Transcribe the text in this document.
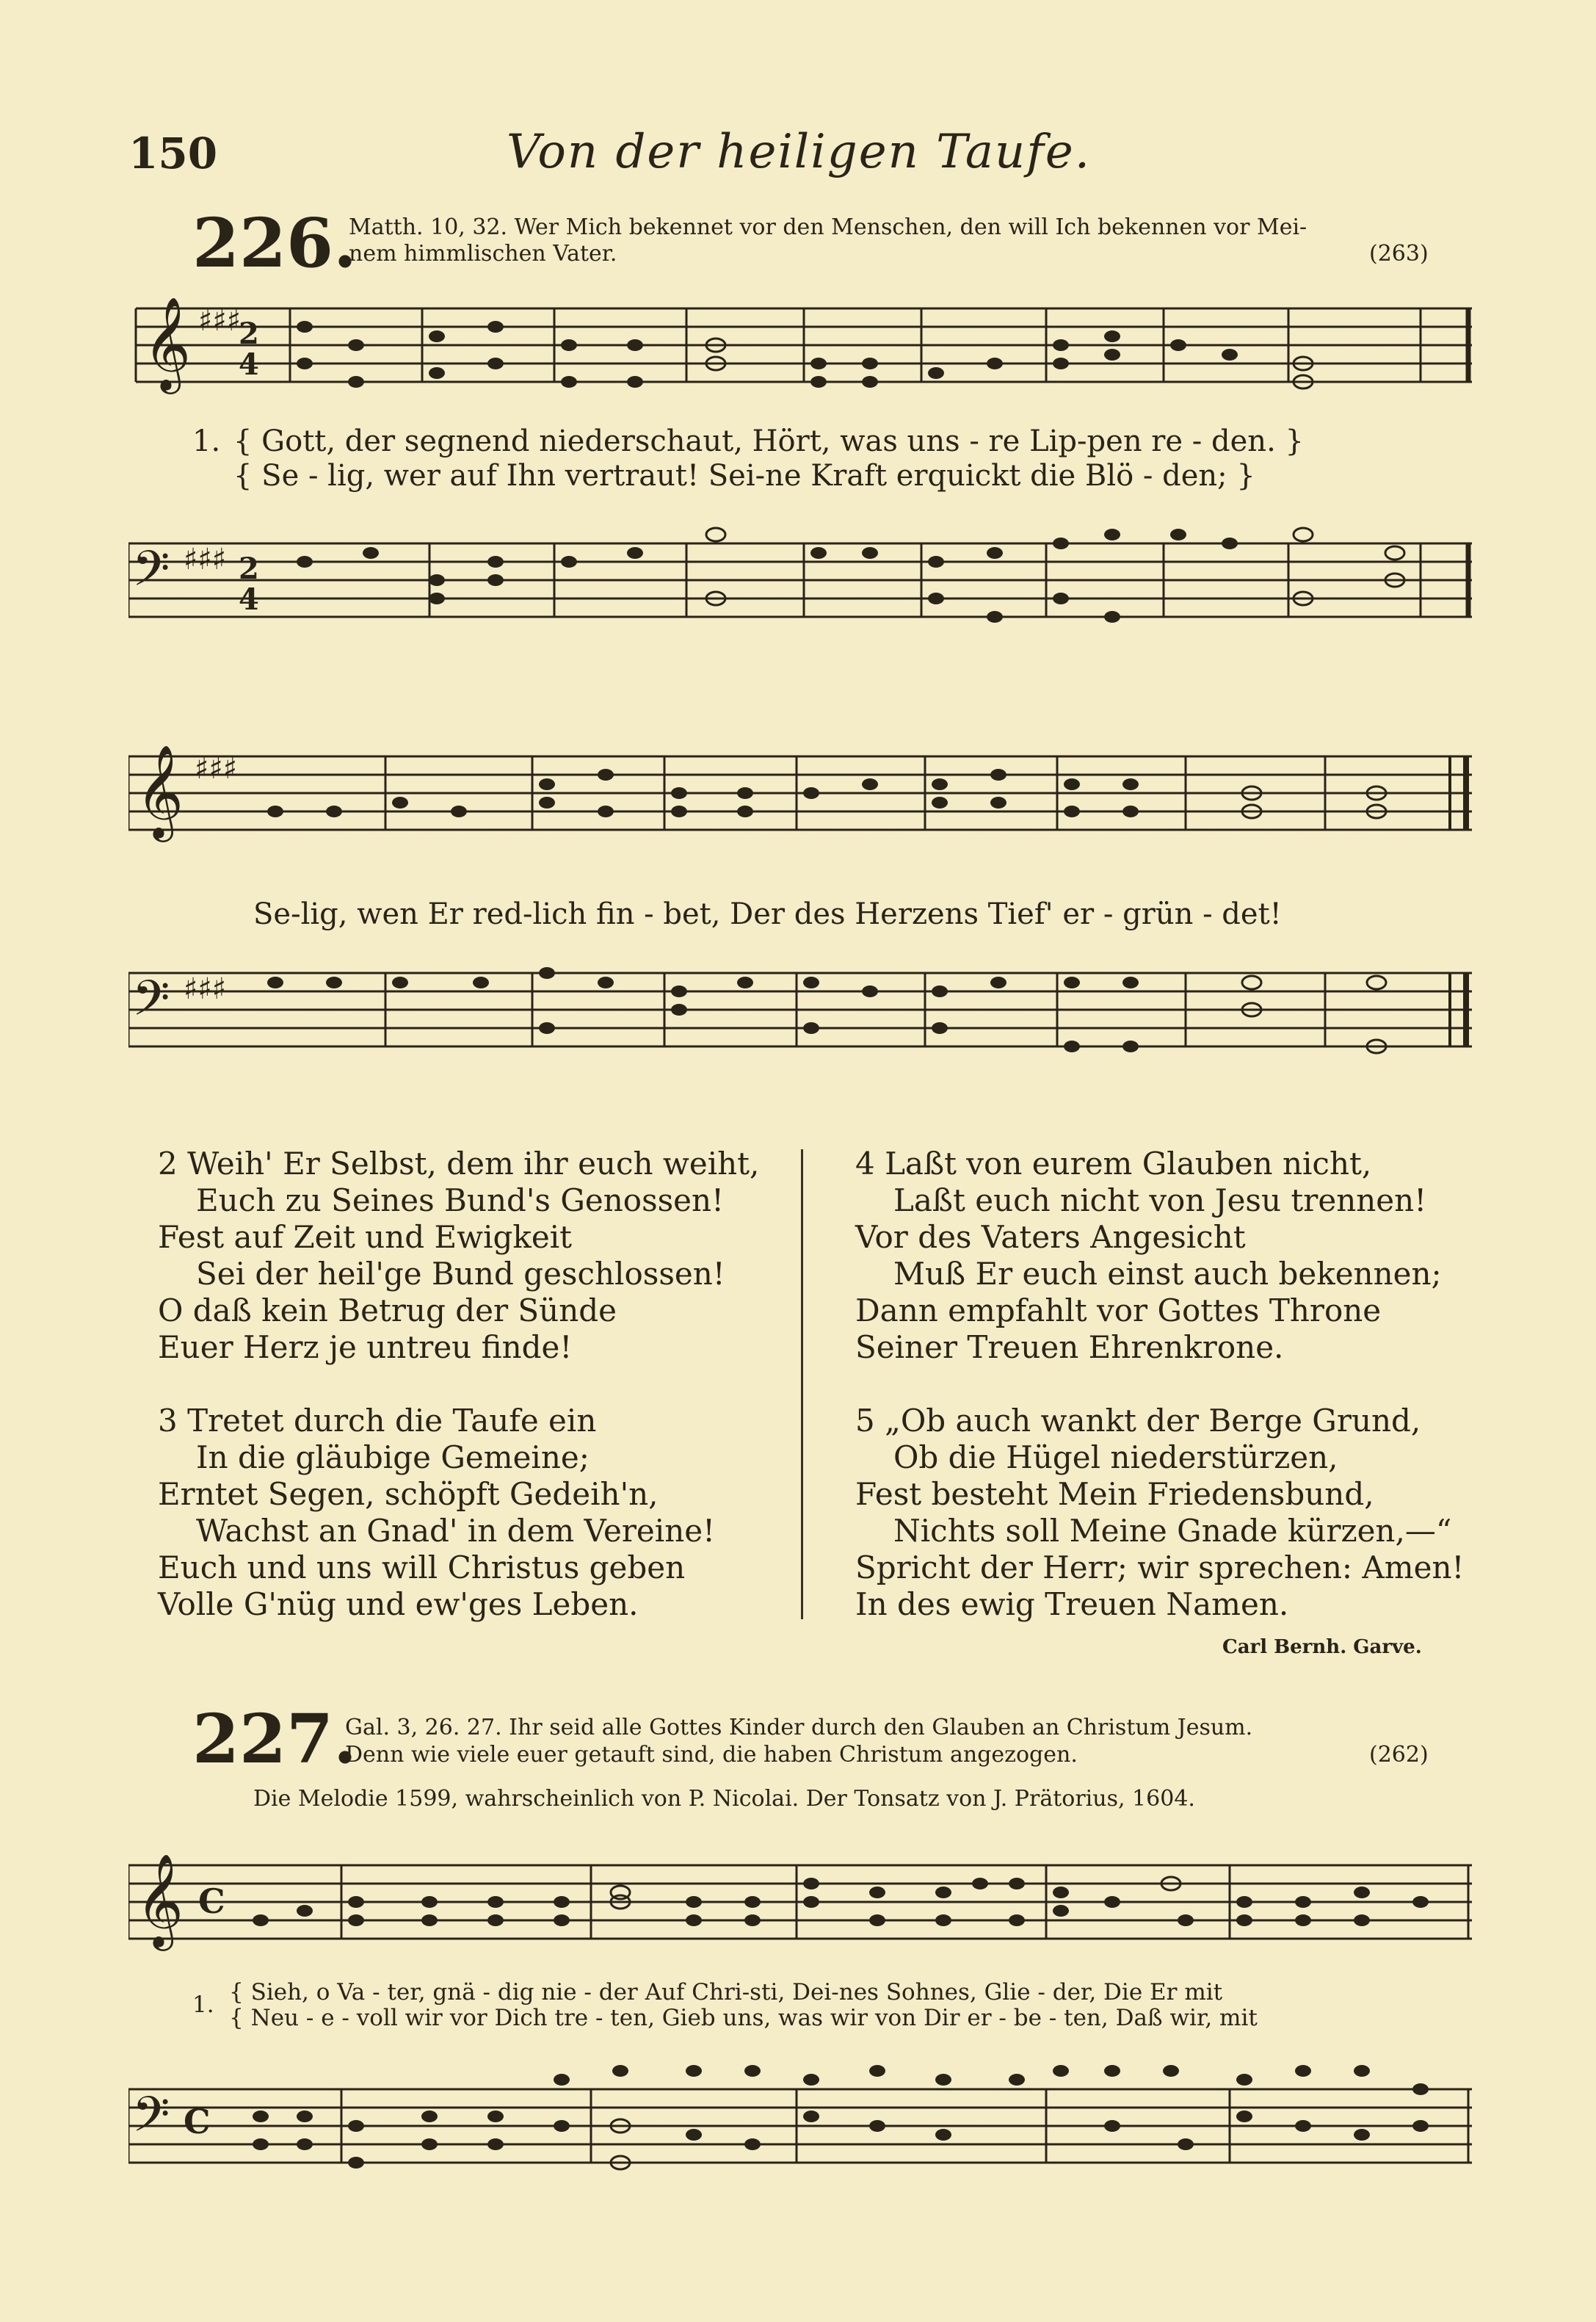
150	Von der heiligen Taufe.
226.
Matth. 10, 32. Wer Mich bekennet vor den Menschen, den will Ich bekennen vor Mei-
nem himmlischen Vater.	(263)
𝄞 ♯♯♯
2
4
1. { Gott, der segnend niederschaut, Hört, was uns - re Lip-pen re - den. }
{ Se - lig, wer auf Ihn vertraut! Sei-ne Kraft erquickt die Blö - den; }
𝄢 ♯♯♯ 2
4
𝄞 ♯♯♯
Se-lig, wen Er red-lich fin - bet, Der des Herzens Tief' er - grün - det!
𝄢 ♯♯♯
2 Weih' Er Selbst, dem ihr euch weiht,
Euch zu Seines Bund's Genossen!
Fest auf Zeit und Ewigkeit
Sei der heil'ge Bund geschlossen!
O daß kein Betrug der Sünde
Euer Herz je untreu finde!
3 Tretet durch die Taufe ein
In die gläubige Gemeine;
Erntet Segen, schöpft Gedeih'n,
Wachst an Gnad' in dem Vereine!
Euch und uns will Christus geben
Volle G'nüg und ew'ges Leben.
4 Laßt von eurem Glauben nicht,
Laßt euch nicht von Jesu trennen!
Vor des Vaters Angesicht
Muß Er euch einst auch bekennen;
Dann empfahlt vor Gottes Throne
Seiner Treuen Ehrenkrone.
5 „Ob auch wankt der Berge Grund,
Ob die Hügel niederstürzen,
Fest besteht Mein Friedensbund,
Nichts soll Meine Gnade kürzen,—“
Spricht der Herr; wir sprechen: Amen!
In des ewig Treuen Namen.
Carl Bernh. Garve.
227.
Gal. 3, 26. 27. Ihr seid alle Gottes Kinder durch den Glauben an Christum Jesum.
Denn wie viele euer getauft sind, die haben Christum angezogen.	(262)
Die Melodie 1599, wahrscheinlich von P. Nicolai. Der Tonsatz von J. Prätorius, 1604.
𝄞 C
1. { Sieh, o Va - ter, gnä - dig nie - der Auf Chri-sti, Dei-nes Sohnes, Glie - der, Die Er mit
{ Neu - e - voll wir vor Dich tre - ten, Gieb uns, was wir von Dir er - be - ten, Daß wir, mit
𝄢 C
